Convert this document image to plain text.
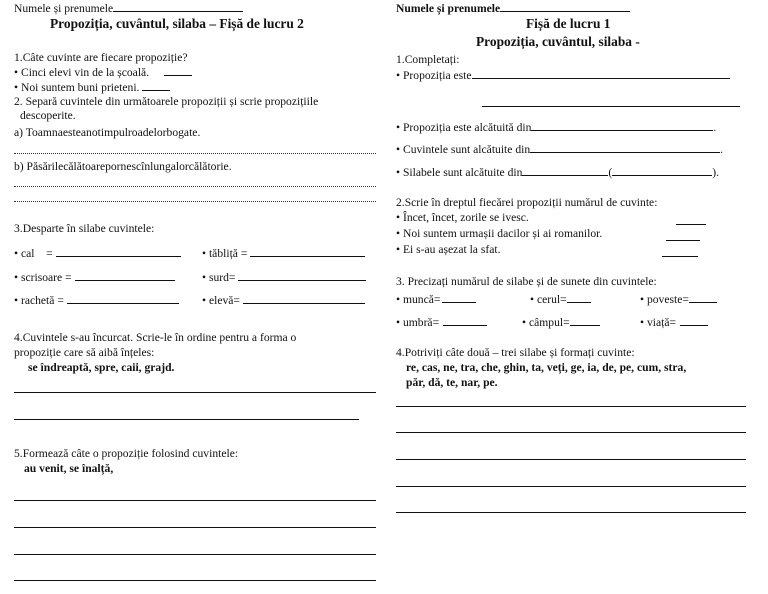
Numele și prenumele
Propoziția, cuvântul, silaba – Fișă de lucru 2
1.Câte cuvinte are fiecare propoziție?
• Cinci elevi vin de la școală.
• Noi suntem buni prieteni.
2. Separă cuvintele din următoarele propoziții și scrie propozițiile
descoperite.
a) Toamnaesteanotimpulroadelorbogate.
b) Păsărilecălătoarepornescînlungalorcălătorie.
3.Desparte în silabe cuvintele:
• cal    =	• tăbliță =
• scrisoare =	• surd=
• rachetă =	• elevă=
4.Cuvintele s-au încurcat. Scrie-le în ordine pentru a forma o
propoziție care să aibă înțeles:
se îndreaptă, spre, caii, grajd.
5.Formează câte o propoziție folosind cuvintele:
au venit, se înalță,
Numele și prenumele
Fișă de lucru 1
Propoziția, cuvântul, silaba -
1.Completați:
• Propoziția este
• Propoziția este alcătuită din	.
• Cuvintele sunt alcătuite din	.
• Silabele sunt alcătuite din	(	).
2.Scrie în dreptul fiecărei propoziții numărul de cuvinte:
• Încet, încet, zorile se ivesc.
• Noi suntem urmașii dacilor și ai romanilor.
• Ei s-au așezat la sfat.
3. Precizați numărul de silabe și de sunete din cuvintele:
• muncă=	• cerul=	• poveste=
• umbră=	• câmpul=	• viață=
4.Potriviți câte două – trei silabe și formați cuvinte:
re, cas, ne, tra, che, ghin, ta, veți, ge, ia, de, pe, cum, stra,
păr, dă, te, nar, pe.
